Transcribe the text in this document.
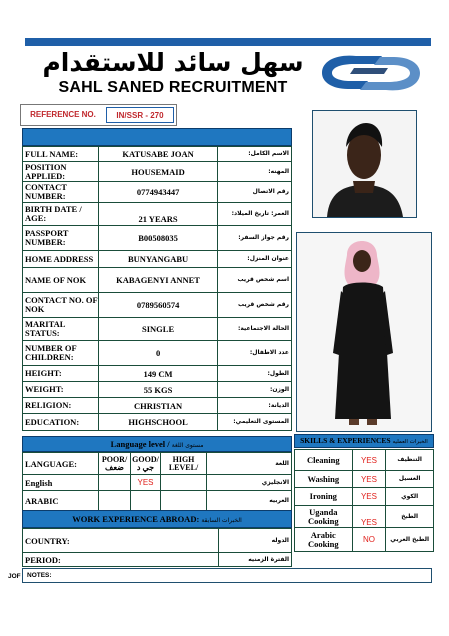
سهل سائد للاستقدام
SAHL SANED RECRUITMENT
REFERENCE NO.	IN/SSR - 270
FULL NAME:	KATUSABE JOAN	الاسم الكامل:
POSITION APPLIED:	HOUSEMAID	المهنه:
CONTACT NUMBER:	0774943447	رقم الاتصال
BIRTH DATE / AGE:	21 YEARS	العمر: تاريخ الميلاد:
PASSPORT NUMBER:	B00508035	رقم جواز السفر:
HOME ADDRESS	BUNYANGABU	عنوان المنزل:
NAME OF NOK	KABAGENYI ANNET	اسم شخص قريب
CONTACT NO. OF NOK	0789560574	رقم شخص قريب
MARITAL STATUS:	SINGLE	الحالة الاجتماعية:
NUMBER OF CHILDREN:	0	عدد الاطفال:
HEIGHT:	149 CM	الطول:
WEIGHT:	55 KGS	الوزن:
RELIGION:	CHRISTIAN	الديانة:
EDUCATION:	HIGHSCHOOL	المستوى التعليمي:
Language level / مستوى اللغة
LANGUAGE:	POOR/ ضعف	GOOD/جي د	HIGH LEVEL/	اللغة
English		YES		الانجليزي
ARABIC				العربيه
WORK EXPERIENCE ABROAD: الخبرات السابقة
COUNTRY:	الدوله
PERIOD:	الفترة الزمنيه
SKILLS & EXPERIENCES الخبرات العمليه
Cleaning	YES	التنظيف
Washing	YES	الغسيل
Ironing	YES	الكوي
Uganda Cooking	YES	الطبخ
Arabic Cooking	NO	الطبخ العربي
JOF NOTES:
